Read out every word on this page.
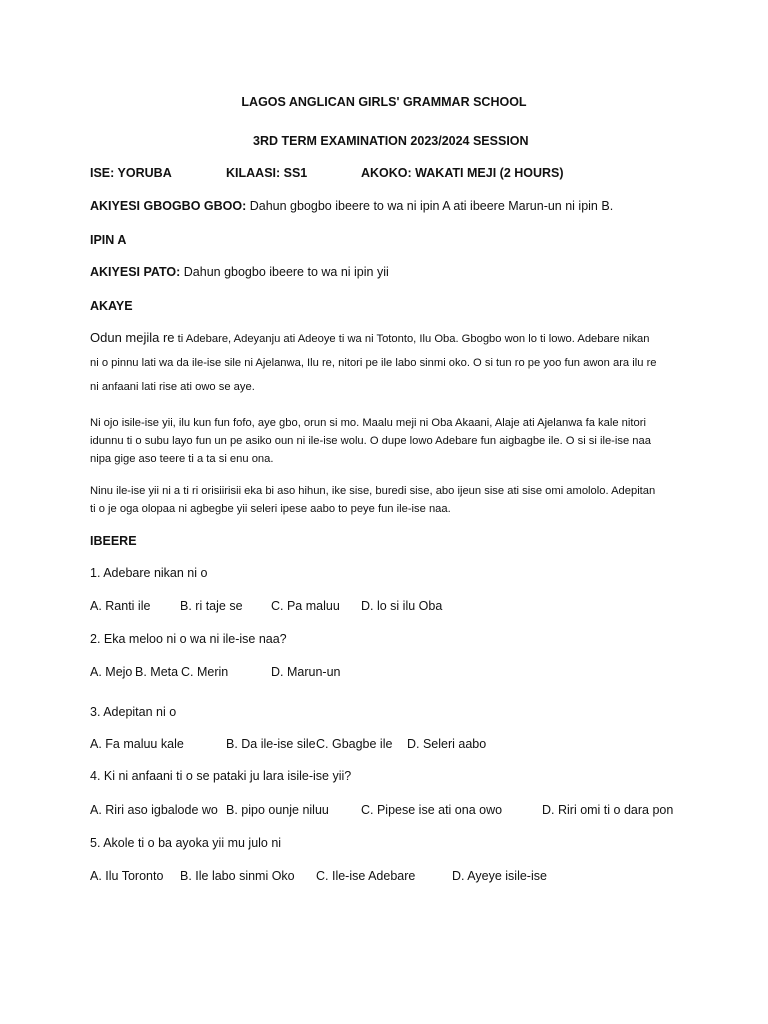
LAGOS ANGLICAN GIRLS' GRAMMAR SCHOOL
3RD TERM EXAMINATION 2023/2024 SESSION
ISE: YORUBA	KILAASI: SS1	AKOKO: WAKATI MEJI (2 HOURS)
AKIYESI GBOGBO GBOO: Dahun gbogbo ibeere to wa ni ipin A ati ibeere Marun-un ni ipin B.
IPIN A
AKIYESI PATO: Dahun gbogbo ibeere to wa ni ipin yii
AKAYE

Odun mejila re ti Adebare, Adeyanju ati Adeoye ti wa ni Totonto, Ilu Oba. Gbogbo won lo ti lowo. Adebare nikan

ni o pinnu lati wa da ile-ise sile ni Ajelanwa, Ilu re, nitori pe ile labo sinmi oko. O si tun ro pe yoo fun awon ara ilu re

ni anfaani lati rise ati owo se aye.

Ni ojo isile-ise yii, ilu kun fun fofo, aye gbo, orun si mo. Maalu meji ni Oba Akaani, Alaje ati Ajelanwa fa kale nitori

idunnu ti o subu layo fun un pe asiko oun ni ile-ise wolu. O dupe lowo Adebare fun aigbagbe ile. O si si ile-ise naa

nipa gige aso teere ti a ta si enu ona.

Ninu ile-ise yii ni a ti ri orisiirisii eka bi aso hihun, ike sise, buredi sise, abo ijeun sise ati sise omi amololo. Adepitan

ti o je oga olopaa ni agbegbe yii seleri ipese aabo to peye fun ile-ise naa.

IBEERE
1. Adebare nikan ni o
A. Ranti ile B. ri taje se C. Pa maluu D. lo si ilu Oba
2. Eka meloo ni o wa ni ile-ise naa?
A. Mejo B. Meta C. Merin	D. Marun-un
3. Adepitan ni o
A. Fa maluu kale	B. Da ile-ise sile C. Gbagbe ile D. Seleri aabo
4. Ki ni anfaani ti o se pataki ju lara isile-ise yii?
A. Riri aso igbalode wo B. pipo ounje niluu	C. Pipese ise ati ona owo	D. Riri omi ti o dara pon
5. Akole ti o ba ayoka yii mu julo ni
A. Ilu Toronto B. Ile labo sinmi Oko C. Ile-ise Adebare	D. Ayeye isile-ise
